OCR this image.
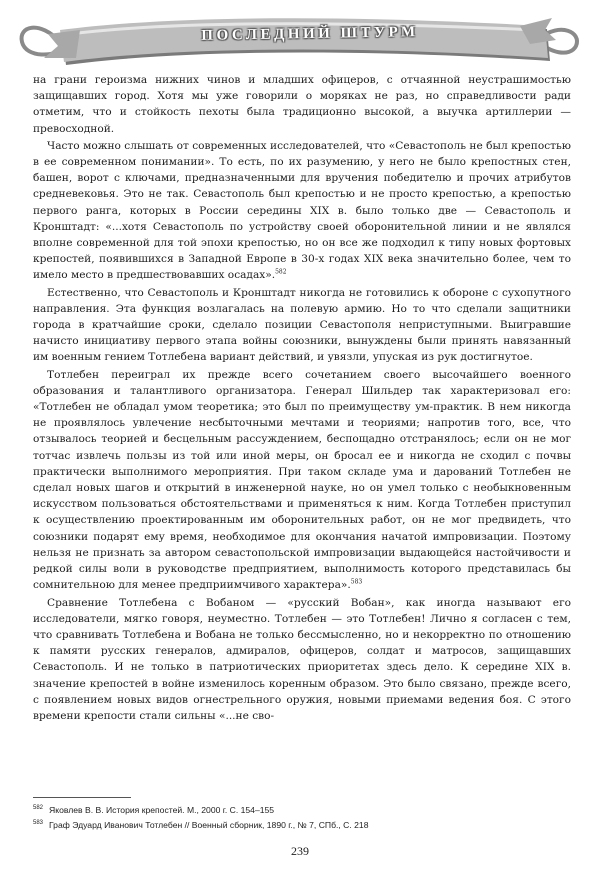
ПОСЛЕДНИЙ ШТУРМ

на грани героизма нижних чинов и младших офицеров, с отчаянной неустрашимостью защищавших город. Хотя мы уже говорили о моряках не раз, но справедливости ради отметим, что и стойкость пехоты была традиционно высокой, а выучка артиллерии — превосходной.

Часто можно слышать от современных исследователей, что «Севастополь не был крепостью в ее современном понимании». То есть, по их разумению, у него не было крепостных стен, башен, ворот с ключами, предназначенными для вручения победителю и прочих атрибутов средневековья. Это не так. Севастополь был крепостью и не просто крепостью, а крепостью первого ранга, которых в России середины XIX в. было только две — Севастополь и Кронштадт: «...хотя Севастополь по устройству своей оборонительной линии и не являлся вполне современной для той эпохи крепостью, но он все же подходил к типу новых фортовых крепостей, появившихся в Западной Европе в 30-х годах XIX века значительно более, чем то имело место в предшествовавших осадах».$^{582}$

Естественно, что Севастополь и Кронштадт никогда не готовились к обороне с сухопутного направления. Эта функция возлагалась на полевую армию. Но то что сделали защитники города в кратчайшие сроки, сделало позиции Севастополя неприступными. Выигравшие начисто инициативу первого этапа войны союзники, вынуждены были принять навязанный им военным гением Тотлебена вариант действий, и увязли, упуская из рук достигнутое.

Тотлебен переиграл их прежде всего сочетанием своего высочайшего военного образования и талантливого организатора. Генерал Шильдер так характеризовал его: «Тотлебен не обладал умом теоретика; это был по преимуществу ум-практик. В нем никогда не проявлялось увлечение несбыточными мечтами и теориями; напротив того, все, что отзывалось теорией и бесцельным рассуждением, беспощадно отстранялось; если он не мог тотчас извлечь пользы из той или иной меры, он бросал ее и никогда не сходил с почвы практически выполнимого мероприятия. При таком складе ума и дарований Тотлебен не сделал новых шагов и открытий в инженерной науке, но он умел только с необыкновенным искусством пользоваться обстоятельствами и применяться к ним. Когда Тотлебен приступил к осуществлению проектированным им оборонительных работ, он не мог предвидеть, что союзники подарят ему время, необходимое для окончания начатой импровизации. Поэтому нельзя не признать за автором севастопольской импровизации выдающейся настойчивости и редкой силы воли в руководстве предприятием, выполнимость которого представилась бы сомнительною для менее предприимчивого характера».$^{583}$

Сравнение Тотлебена с Вобаном — «русский Вобан», как иногда называют его исследователи, мягко говоря, неуместно. Тотлебен — это Тотлебен! Лично я согласен с тем, что сравнивать Тотлебена и Вобана не только бессмысленно, но и некорректно по отношению к памяти русских генералов, адмиралов, офицеров, солдат и матросов, защищавших Севастополь. И не только в патриотических приоритетах здесь дело. К середине XIX в. значение крепостей в войне изменилось коренным образом. Это было связано, прежде всего, с появлением новых видов огнестрельного оружия, новыми приемами ведения боя. С этого времени крепости стали сильны «...не сво-

$^{582}$ Яковлев В. В. История крепостей. М., 2000 г. С. 154–155
$^{583}$ Граф Эдуард Иванович Тотлебен // Военный сборник, 1890 г., № 7, СПб., С. 218
239
